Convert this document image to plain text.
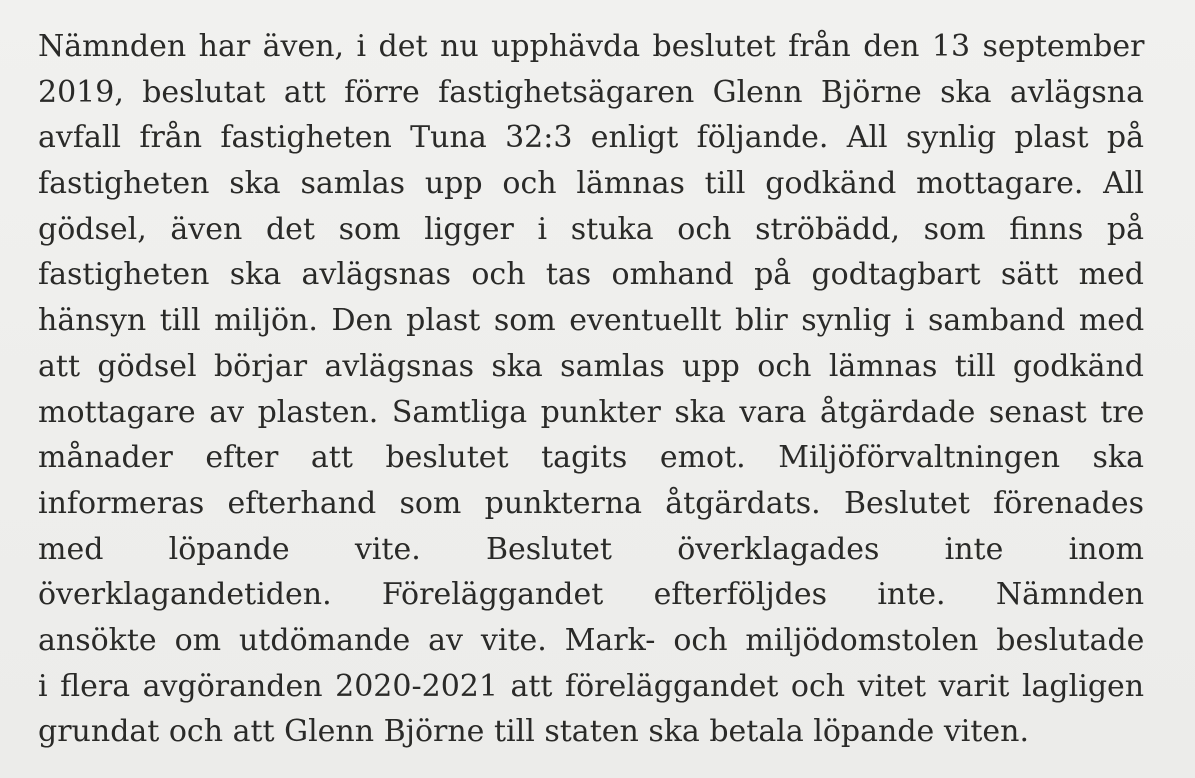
Nämnden har även, i det nu upphävda beslutet från den 13 september
2019, beslutat att förre fastighetsägaren Glenn Björne ska avlägsna
avfall från fastigheten Tuna 32:3 enligt följande. All synlig plast på
fastigheten ska samlas upp och lämnas till godkänd mottagare. All
gödsel, även det som ligger i stuka och ströbädd, som finns på
fastigheten ska avlägsnas och tas omhand på godtagbart sätt med
hänsyn till miljön. Den plast som eventuellt blir synlig i samband med
att gödsel börjar avlägsnas ska samlas upp och lämnas till godkänd
mottagare av plasten. Samtliga punkter ska vara åtgärdade senast tre
månader efter att beslutet tagits emot. Miljöförvaltningen ska
informeras efterhand som punkterna åtgärdats. Beslutet förenades
med löpande vite. Beslutet överklagades inte inom
överklagandetiden. Föreläggandet efterföljdes inte. Nämnden
ansökte om utdömande av vite. Mark- och miljödomstolen beslutade
i flera avgöranden 2020-2021 att föreläggandet och vitet varit lagligen
grundat och att Glenn Björne till staten ska betala löpande viten.
